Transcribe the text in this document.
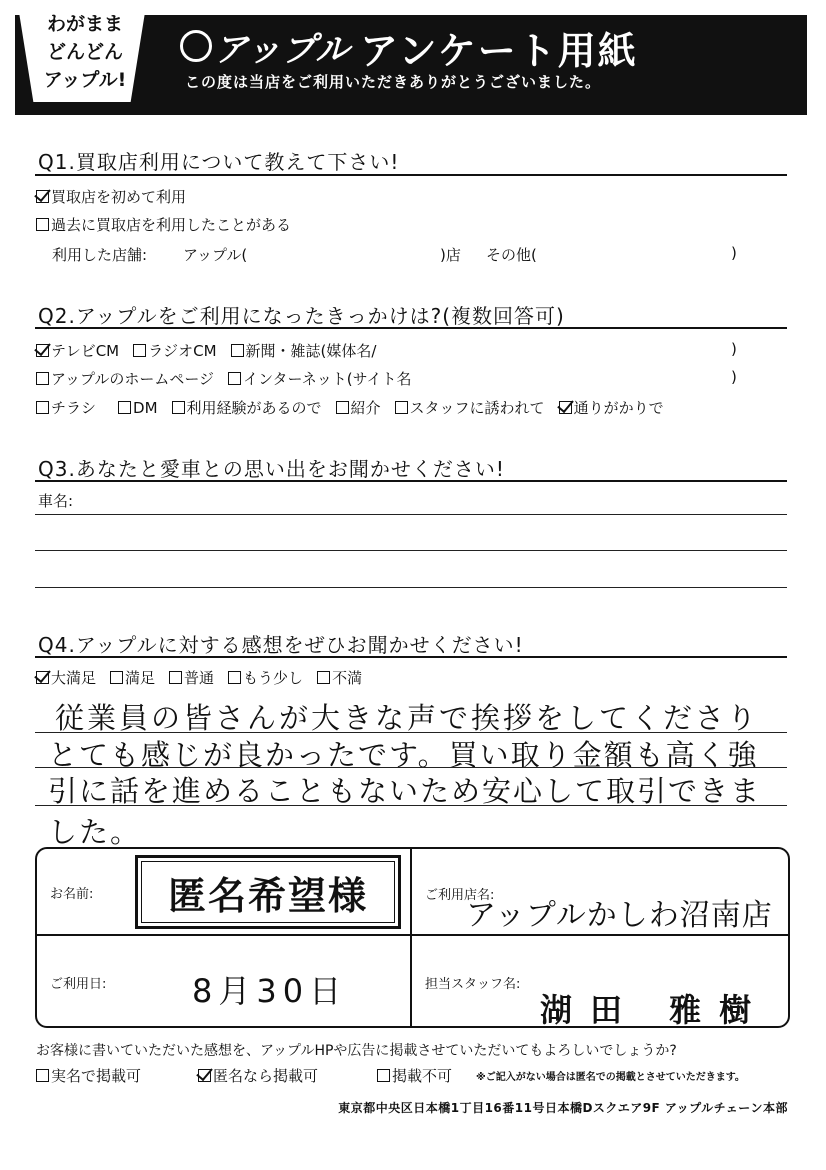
わがまま
どんどん
アップル!
アップル アンケート用紙
この度は当店をご利用いただきありがとうございました。
Q1.買取店利用について教えて下さい!
買取店を初めて利用
過去に買取店を利用したことがある
利用した店舗: アップル(	)店 その他(	)
Q2.アップルをご利用になったきっかけは?(複数回答可)
テレビCM ラジオCM 新聞・雑誌(媒体名/	)
アップルのホームページ インターネット(サイト名	)
チラシ DM 利用経験があるので 紹介 スタッフに誘われて 通りがかりで
Q3.あなたと愛車との思い出をお聞かせください!
車名:
Q4.アップルに対する感想をぜひお聞かせください!
大満足 満足 普通 もう少し 不満
従業員の皆さんが大きな声で挨拶をしてくださり
とても感じが良かったです。買い取り金額も高く強
引に話を進めることもないため安心して取引できま
した。
お名前:	匿名希望様	ご利用店名:
アップルかしわ沼南店
ご利用日:	8月30日	担当スタッフ名:
湖田 雅樹
お客様に書いていただいた感想を、アップルHPや広告に掲載させていただいてもよろしいでしょうか?
実名で掲載可	匿名なら掲載可	掲載不可 ※ご記入がない場合は匿名での掲載とさせていただきます。
東京都中央区日本橋1丁目16番11号日本橋Dスクエア9F アップルチェーン本部
